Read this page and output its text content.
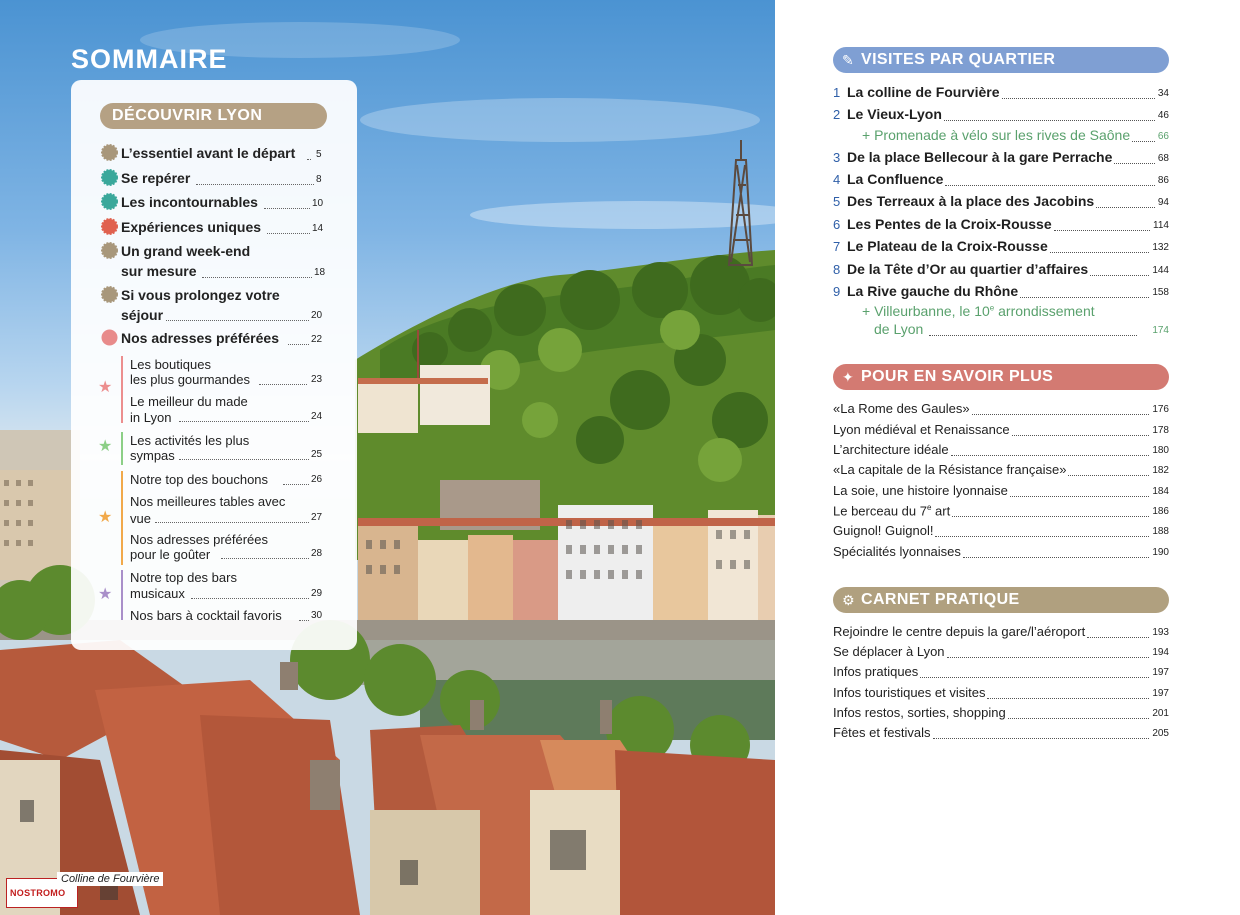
SOMMAIRE
DÉCOUVRIR LYON
L’essentiel avant le départ 5
Se repérer	8
Les incontournables	10
Expériences uniques	14
Un grand week-end
sur mesure	18
Si vous prolongez votre
séjour	20
Nos adresses préférées	22
★
Les boutiques
les plus gourmandes	23
Le meilleur du made
in Lyon	24
★ Les activités les plus
sympas	25
★
Notre top des bouchons	26
Nos meilleures tables avec
vue	27
Nos adresses préférées
pour le goûter	28
★
Notre top des bars
musicaux	29
Nos bars à cocktail favoris	30
NOSTROMO
Colline de Fourvière
✎ VISITES PAR QUARTIER
+ Villeurbanne, le 10e arrondissement
de Lyon	174
✦ POUR EN SAVOIR PLUS
⚙ CARNET PRATIQUE
1 La colline de Fourvière	34
2 Le Vieux-Lyon	46
+ Promenade à vélo sur les rives de Saône	66
3 De la place Bellecour à la gare Perrache	68
4 La Confluence	86
5 Des Terreaux à la place des Jacobins	94
6 Les Pentes de la Croix-Rousse	114
7 Le Plateau de la Croix-Rousse	132
8 De la Tête d’Or au quartier d’affaires	144
9 La Rive gauche du Rhône	158
«La Rome des Gaules»	176
Lyon médiéval et Renaissance	178
L’architecture idéale	180
«La capitale de la Résistance française»	182
La soie, une histoire lyonnaise	184
Le berceau du 7e art	186
Guignol! Guignol!	188
Spécialités lyonnaises	190
Rejoindre le centre depuis la gare/l’aéroport	193
Se déplacer à Lyon	194
Infos pratiques	197
Infos touristiques et visites	197
Infos restos, sorties, shopping	201
Fêtes et festivals	205
